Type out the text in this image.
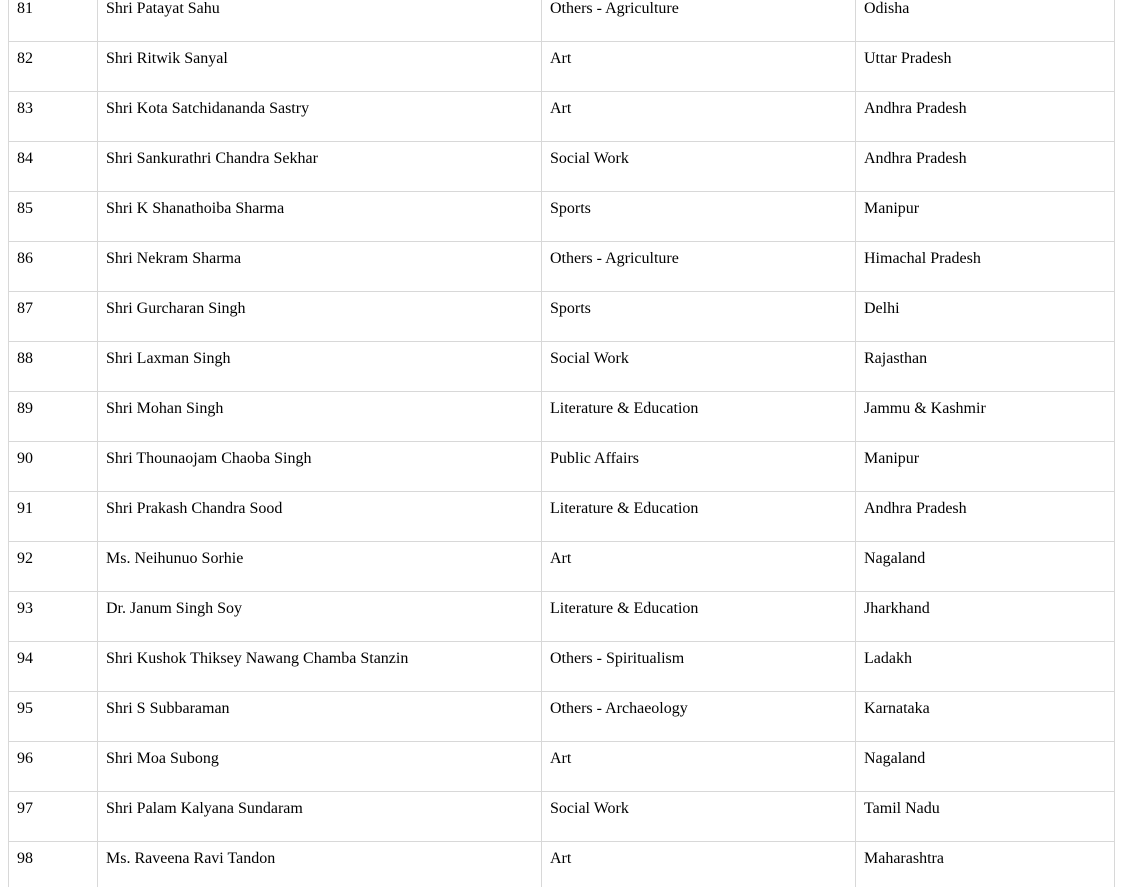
81	Shri Patayat Sahu	Others - Agriculture	Odisha
82	Shri Ritwik Sanyal	Art	Uttar Pradesh
83	Shri Kota Satchidananda Sastry	Art	Andhra Pradesh
84	Shri Sankurathri Chandra Sekhar	Social Work	Andhra Pradesh
85	Shri K Shanathoiba Sharma	Sports	Manipur
86	Shri Nekram Sharma	Others - Agriculture	Himachal Pradesh
87	Shri Gurcharan Singh	Sports	Delhi
88	Shri Laxman Singh	Social Work	Rajasthan
89	Shri Mohan Singh	Literature & Education	Jammu & Kashmir
90	Shri Thounaojam Chaoba Singh	Public Affairs	Manipur
91	Shri Prakash Chandra Sood	Literature & Education	Andhra Pradesh
92	Ms. Neihunuo Sorhie	Art	Nagaland
93	Dr. Janum Singh Soy	Literature & Education	Jharkhand
94	Shri Kushok Thiksey Nawang Chamba Stanzin	Others - Spiritualism	Ladakh
95	Shri S Subbaraman	Others - Archaeology	Karnataka
96	Shri Moa Subong	Art	Nagaland
97	Shri Palam Kalyana Sundaram	Social Work	Tamil Nadu
98	Ms. Raveena Ravi Tandon	Art	Maharashtra
